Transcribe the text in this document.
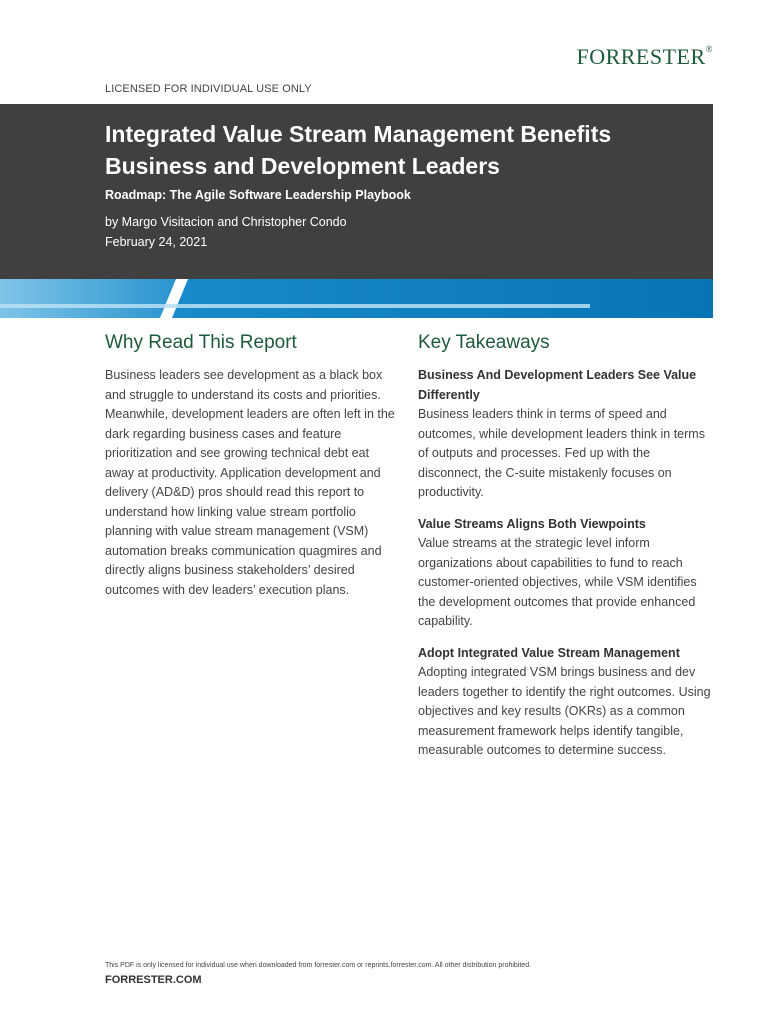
FORRESTER®
LICENSED FOR INDIVIDUAL USE ONLY
Integrated Value Stream Management Benefits Business and Development Leaders
Roadmap: The Agile Software Leadership Playbook
by Margo Visitacion and Christopher Condo
February 24, 2021
Why Read This Report

Business leaders see development as a black box and struggle to understand its costs and priorities. Meanwhile, development leaders are often left in the dark regarding business cases and feature prioritization and see growing technical debt eat away at productivity. Application development and delivery (AD&D) pros should read this report to understand how linking value stream portfolio planning with value stream management (VSM) automation breaks communication quagmires and directly aligns business stakeholders’ desired outcomes with dev leaders’ execution plans.

Key Takeaways
Business And Development Leaders See Value Differently

Business leaders think in terms of speed and outcomes, while development leaders think in terms of outputs and processes. Fed up with the disconnect, the C-suite mistakenly focuses on productivity.

Value Streams Aligns Both Viewpoints

Value streams at the strategic level inform organizations about capabilities to fund to reach customer-oriented objectives, while VSM identifies the development outcomes that provide enhanced capability.

Adopt Integrated Value Stream Management

Adopting integrated VSM brings business and dev leaders together to identify the right outcomes. Using objectives and key results (OKRs) as a common measurement framework helps identify tangible, measurable outcomes to determine success.

This PDF is only licensed for individual use when downloaded from forrester.com or reprints.forrester.com. All other distribution prohibited.
FORRESTER.COM
